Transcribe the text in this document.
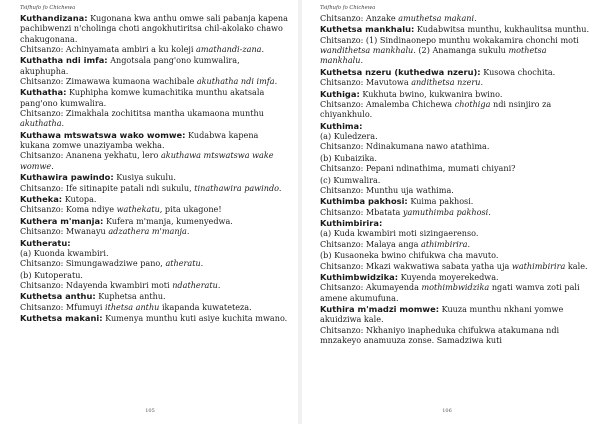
Tsifhufo fo Chichewa
Kuthandizana: Kugonana kwa anthu omwe sali pabanja kapena pachibwenzi n'cholinga choti angokhutiritsa chil-akolako chawo chakugonana.
Chitsanzo: Achinyamata ambiri a ku koleji amathandi-zana.
Kuthatha ndi imfa: Angotsala pang'ono kumwalira, akuphupha.
Chitsanzo: Zimawawa kumaona wachibale akuthatha ndi imfa.
Kuthatha: Kuphipha komwe kumachitika munthu akatsala pang'ono kumwalira.
Chitsanzo: Zimakhala zochititsa mantha ukamaona munthu akuthatha.
Kuthawa mtswatswa wako womwe: Kudabwa kapena kukana zomwe unaziyamba wekha.
Chitsanzo: Ananena yekhatu, lero akuthawa mtswatswa wake womwe.
Kuthawira pawindo: Kusiya sukulu.
Chitsanzo: Ife sitinapite patali ndi sukulu, tinathawira pawindo.
Kutheka: Kutopa.
Chitsanzo: Koma ndiye wathekatu, pita ukagone!
Kuthera m'manja: Kufera m'manja, kumenyedwa.
Chitsanzo: Mwanayu adzathera m'manja.
Kutheratu:
(a) Kuonda kwambiri.
Chitsanzo: Simungawadziwe pano, atheratu.
(b) Kutoperatu.
Chitsanzo: Ndayenda kwambiri moti ndatheratu.
Kuthetsa anthu: Kuphetsa anthu.
Chitsanzo: Mfumuyi ithetsa anthu ikapanda kuwateteza.
Kuthetsa makani: Kumenya munthu kuti asiye kuchita mwano.
105
Tsifhufo fo Chichewa
Chitsanzo: Anzake amuthetsa makani.
Kuthetsa mankhalu: Kudabwitsa munthu, kukhaulitsa munthu.
Chitsanzo: (1) Sindinaonepo munthu wokakamira chonchi moti wandithetsa mankhalu. (2) Anamanga sukulu mothetsa mankhalu.
Kuthetsa nzeru (kuthedwa nzeru): Kusowa chochita.
Chitsanzo: Mavutowa andithetsa nzeru.
Kuthiga: Kukhuta bwino, kukwanira bwino.
Chitsanzo: Amalemba Chichewa chothiga ndi nsinjiro za chiyankhulo.
Kuthima:
(a) Kuledzera.
Chitsanzo: Ndinakumana nawo atathima.
(b) Kubaizika.
Chitsanzo: Pepani ndinathima, mumati chiyani?
(c) Kumwalira.
Chitsanzo: Munthu uja wathima.
Kuthimba pakhosi: Kuima pakhosi.
Chitsanzo: Mbatata yamuthimba pakhosi.
Kuthimbirira:
(a) Kuda kwambiri moti sizingaerenso.
Chitsanzo: Malaya anga athimbirira.
(b) Kusaoneka bwino chifukwa cha mavuto.
Chitsanzo: Mkazi wakwatiwa sabata yatha uja wathimbirira kale.
Kuthimbwidzika: Kuyenda moyerekedwa.
Chitsanzo: Akumayenda mothimbwidzika ngati wamva zoti pali amene akumufuna.
Kuthira m'madzi momwe: Kuuza munthu nkhani yomwe akuidziwa kale.
Chitsanzo: Nkhaniyo inapheduka chifukwa atakumana ndi mnzakeyo anamuuza zonse. Samadziwa kuti
106
